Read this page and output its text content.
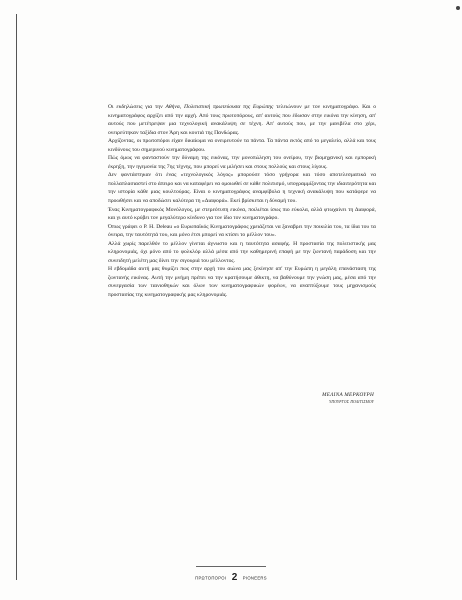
Οι εκδηλώσεις για την Αθήνα, Πολιτιστική πρωτεύουσα της Ευρώπης τελειώνουν με τον κινηματογράφο. Και ο κινηματογράφος αρχίζει από την αρχή. Από τους πρωτοπόρους, απ' αυτούς που έδωσαν στην εικόνα την κίνηση, απ' αυτούς που μετέτρεψαν μια τεχνολογική ανακάλυψη σε τέχνη. Απ' αυτούς που, με την μανιβέλα στο χέρι, ονειρεύτηκαν ταξίδια στον Άρη και κουτιά της Πανδώρας.

Αρχίζοντας, οι πρωτοπόροι είχαν δικαίωμα να ονειρευτούν τα πάντα. Τα πάντα εκτός από το μεγαλείο, αλλά και τους κινδύνους του σημερινού κινηματογράφου.

Πώς όμως να φανταστούν την δύναμη της εικόνας, την μονοπώληση του ονείρου, την βιομηχανική και εμπορική έκρηξη, την ηγεμονία της 7ης τέχνης, που μπορεί να μιλήσει και στους πολλούς και στους λίγους.

Δεν φαντάστηκαν ότι ένας «τεχνολογικός λόγος» μπορούσε τόσο γρήγορα και τόσο αποτελεσματικά να πολλαπλασιαστεί στο άπειρο και να καταφέρει να ομοιωθεί σε κάθε πολιτισμό, υπογραμμίζοντας την ιδιαιτερότητα και την ιστορία κάθε μιας κουλτούρας. Είναι ο κινηματογράφος αναμφίβολα η τεχνική ανακάλυψη που κατάφερε να προωθήσει και να αποδώσει καλύτερα τη «Διαφορά». Εκεί βρίσκεται η δύναμή του.

Ένας Κινηματογραφικός Μονόλογος, με στερεότυπη εικόνα, ποιλιέται ίσως πιο εύκολα, αλλά φτωχαίνει τη Διαφορά, και γι αυτό κρύβει τον μεγαλύτερο κίνδυνο για τον ίδιο τον κινηματογράφο.

Όπως γράφει ο P. H. Deleau «ο Ευρωπαϊκός Κινηματογράφος χρειάζεται να ξαναβρει την ποικιλία του, τα ίδια του τα όνειρα, την ταυτότητά του, και μόνο έτσι μπορεί να κτίσει το μέλλον του».

Αλλά χωρίς παρελθόν το μέλλον γίνεται άγνωστο και η ταυτότητα ασαφής. Η προστασία της πολιτιστικής μας κληρονομιάς, όχι μόνο από το φολκλόρ αλλά μέσα από την καθημερινή επαφή με την ζωντανή παράδοση και την συνειδητή μελέτη μας δίνει την σιγουριά του μέλλοντος.

Η εβδομάδα αυτή μας θυμίζει πως στην αρχή του αιώνα μας ξεκίνησε απ' την Ευρώπη η μεγάλη επανάσταση της ζωντανής εικόνας. Αυτή την μνήμη πρέπει να την κρατήσουμε άθικτη, να βαθύνουμε την γνώση μας, μέσα από την συνεργασία των ταινιοθηκών και όλων των κινηματογραφικών φορέων, να αναπτύξουμε τους μηχανισμούς προστασίας της κινηματογραφικής μας κληρονομιάς.

ΜΕΛΙΝΑ ΜΕΡΚΟΥΡΗ
ΥΠΟΥΡΓΟΣ ΠΟΛΙΤΙΣΜΟΥ
ΠΡΩΤΟΠΟΡΟΙ 2 PIONEERS
